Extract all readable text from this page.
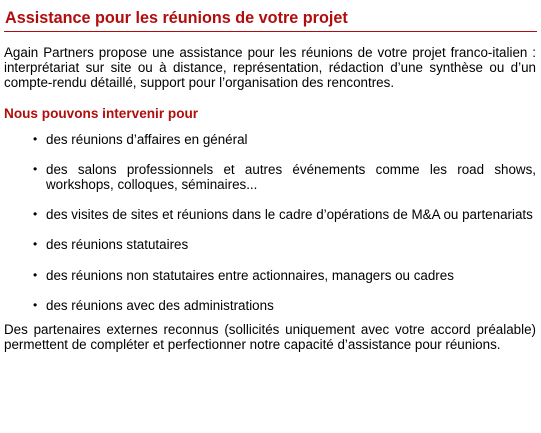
Assistance pour les réunions de votre projet

Again Partners propose une assistance pour les réunions de votre projet franco-italien : interprétariat sur site ou à distance, représentation, rédaction d’une synthèse ou d’un compte-rendu détaillé, support pour l’organisation des rencontres.

Nous pouvons intervenir pour
• des réunions d’affaires en général
• des salons professionnels et autres événements comme les road shows, workshops, colloques, séminaires...
• des visites de sites et réunions dans le cadre d’opérations de M&A ou partenariats
• des réunions statutaires
• des réunions non statutaires entre actionnaires, managers ou cadres
• des réunions avec des administrations

Des partenaires externes reconnus (sollicités uniquement avec votre accord préalable) permettent de compléter et perfectionner notre capacité d’assistance pour réunions.
